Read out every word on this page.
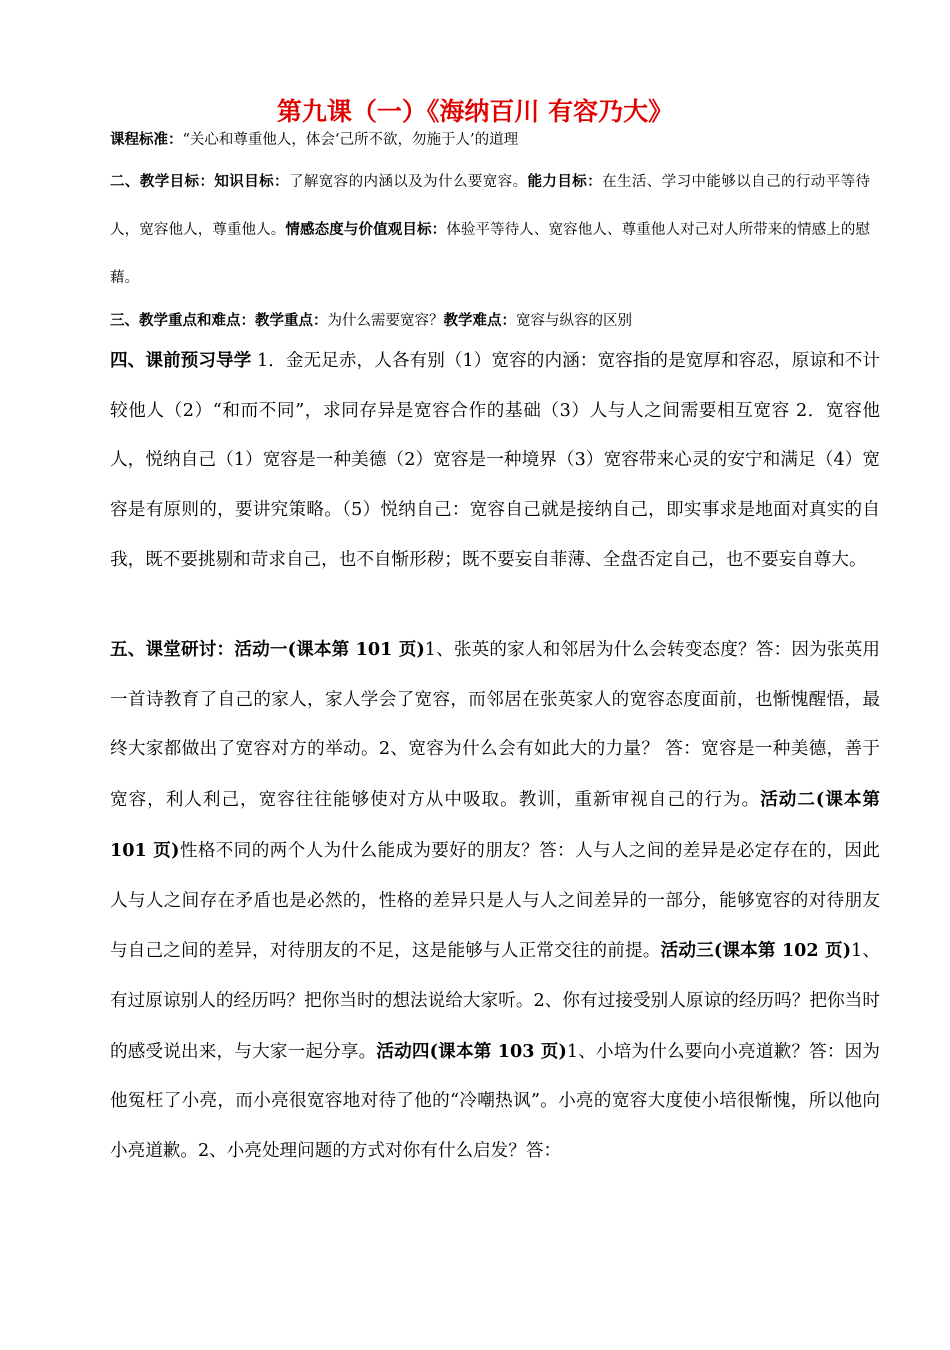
第九课（一）《海纳百川 有容乃大》

课程标准：“关心和尊重他人，体会‘己所不欲，勿施于人’的道理

二、教学目标：知识目标：了解宽容的内涵以及为什么要宽容。能力目标：在生活、学习中能够以自己的行动平等待人，宽容他人，尊重他人。情感态度与价值观目标：体验平等待人、宽容他人、尊重他人对己对人所带来的情感上的慰藉。

三、教学重点和难点：教学重点：为什么需要宽容？教学难点：宽容与纵容的区别

四、课前预习导学 1．金无足赤，人各有别（1）宽容的内涵：宽容指的是宽厚和容忍，原谅和不计较他人（2）“和而不同”，求同存异是宽容合作的基础（3）人与人之间需要相互宽容 2．宽容他人，悦纳自己（1）宽容是一种美德（2）宽容是一种境界（3）宽容带来心灵的安宁和满足（4）宽容是有原则的，要讲究策略。（5）悦纳自己：宽容自己就是接纳自己，即实事求是地面对真实的自我，既不要挑剔和苛求自己，也不自惭形秽；既不要妄自菲薄、全盘否定自己，也不要妄自尊大。

五、课堂研讨：活动一(课本第 101 页)1、张英的家人和邻居为什么会转变态度？答：因为张英用一首诗教育了自己的家人，家人学会了宽容，而邻居在张英家人的宽容态度面前，也惭愧醒悟，最终大家都做出了宽容对方的举动。2、宽容为什么会有如此大的力量？ 答：宽容是一种美德，善于宽容，利人利己，宽容往往能够使对方从中吸取。教训，重新审视自己的行为。活动二(课本第 101 页)性格不同的两个人为什么能成为要好的朋友？答：人与人之间的差异是必定存在的，因此人与人之间存在矛盾也是必然的，性格的差异只是人与人之间差异的一部分，能够宽容的对待朋友与自己之间的差异，对待朋友的不足，这是能够与人正常交往的前提。活动三(课本第 102 页)1、有过原谅别人的经历吗？把你当时的想法说给大家听。2、你有过接受别人原谅的经历吗？把你当时的感受说出来，与大家一起分享。活动四(课本第 103 页)1、小培为什么要向小亮道歉？答：因为他冤枉了小亮，而小亮很宽容地对待了他的“冷嘲热讽”。小亮的宽容大度使小培很惭愧，所以他向小亮道歉。2、小亮处理问题的方式对你有什么启发？答：
